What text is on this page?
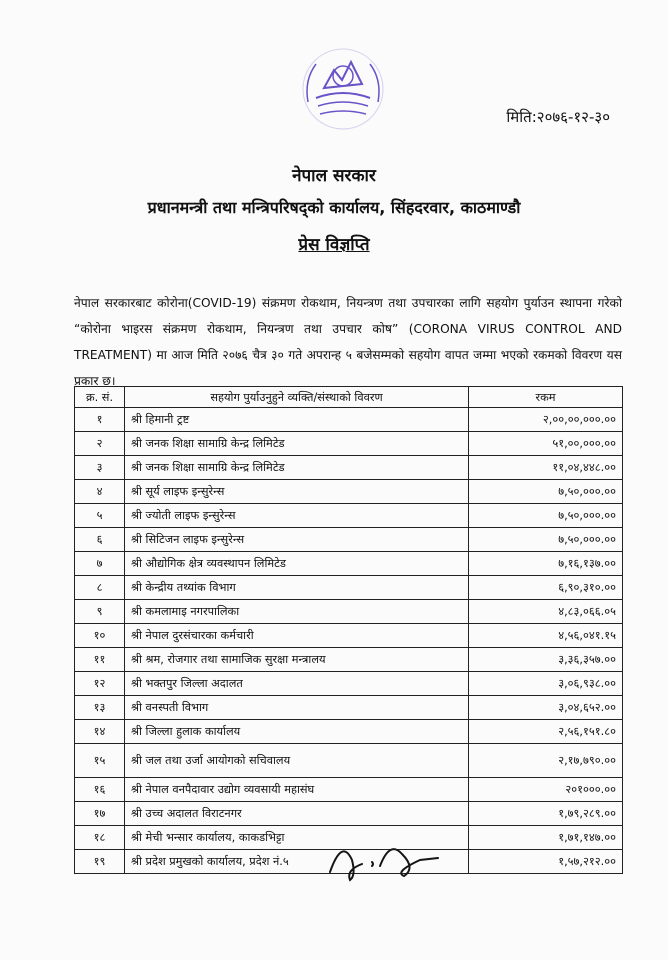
मिति:२०७६-१२-३०
नेपाल सरकार
प्रधानमन्त्री तथा मन्त्रिपरिषद्को कार्यालय, सिंहदरवार, काठमाण्डौ
प्रेस विज्ञप्ति
नेपाल सरकारबाट कोरोना(COVID-19) संक्रमण रोकथाम, नियन्त्रण तथा उपचारका लागि सहयोग पुर्याउन स्थापना गरेको “कोरोना भाइरस संक्रमण रोकथाम, नियन्त्रण तथा उपचार कोष” (CORONA VIRUS CONTROL AND TREATMENT) मा आज मिति २०७६ चैत्र ३० गते अपरान्ह ५ बजेसम्मको सहयोग वापत जम्मा भएको रकमको विवरण यस प्रकार छ।
क्र. सं.	सहयोग पुर्याउनुहुने व्यक्ति/संस्थाको विवरण	रकम
१	श्री हिमानी ट्रष्ट	२,००,००,०००.००
२	श्री जनक शिक्षा सामाग्रि केन्द्र लिमिटेड	५१,००,०००.००
३	श्री जनक शिक्षा सामाग्रि केन्द्र लिमिटेड	११,०४,४४८.००
४	श्री सूर्य लाइफ इन्सुरेन्स	७,५०,०००.००
५	श्री ज्योती लाइफ इन्सुरेन्स	७,५०,०००.००
६	श्री सिटिजन लाइफ इन्सुरेन्स	७,५०,०००.००
७	श्री औद्योगिक क्षेत्र व्यवस्थापन लिमिटेड	७,१६,१३७.००
८	श्री केन्द्रीय तथ्यांक विभाग	६,९०,३१०.००
९	श्री कमलामाइ नगरपालिका	४,८३,०६६.०५
१०	श्री नेपाल दुरसंचारका कर्मचारी	४,५६,०४१.१५
११	श्री श्रम, रोजगार तथा सामाजिक सुरक्षा मन्त्रालय	३,३६,३५७.००
१२	श्री भक्तपुर जिल्ला अदालत	३,०६,९३८.००
१३	श्री वनस्पती विभाग	३,०४,६५२.००
१४	श्री जिल्ला हुलाक कार्यालय	२,५६,१५१.८०
१५	श्री जल तथा उर्जा आयोगको सचिवालय	२,१७,७९०.००
१६	श्री नेपाल वनपैदावार उद्योग व्यवसायी महासंघ	२०१०००.००
१७	श्री उच्च अदालत विराटनगर	१,७९,२८९.००
१८	श्री मेची भन्सार कार्यालय, काकडभिट्टा	१,७१,१४७.००
१९	श्री प्रदेश प्रमुखको कार्यालय, प्रदेश नं.५	१,५७,२१२.००
